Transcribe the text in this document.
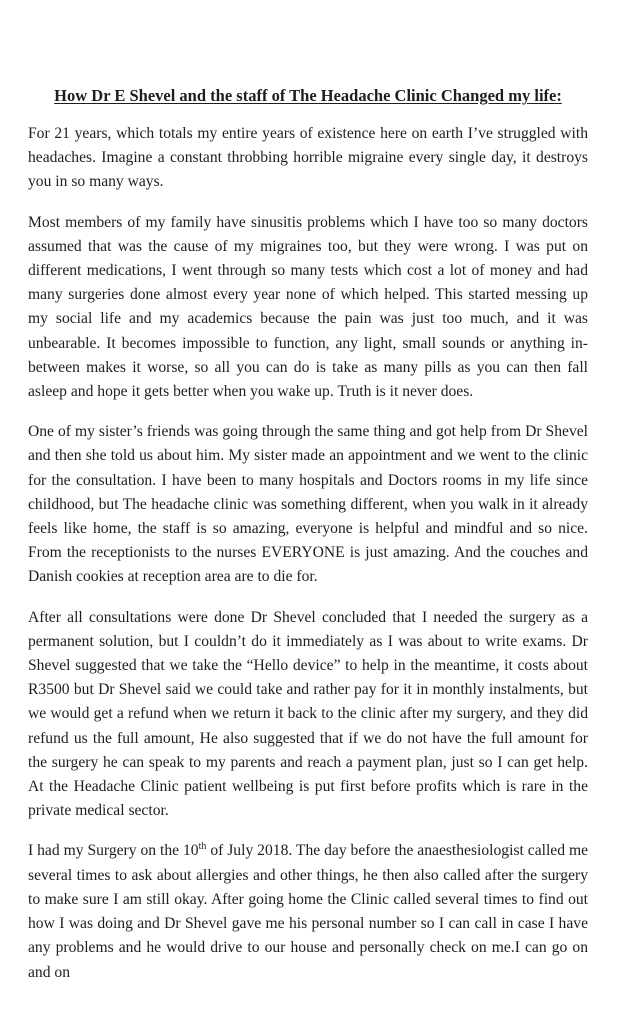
How Dr E Shevel and the staff of The Headache Clinic Changed my life:

For 21 years, which totals my entire years of existence here on earth I’ve struggled with headaches. Imagine a constant throbbing horrible migraine every single day, it destroys you in so many ways.

Most members of my family have sinusitis problems which I have too so many doctors assumed that was the cause of my migraines too, but they were wrong. I was put on different medications, I went through so many tests which cost a lot of money and had many surgeries done almost every year none of which helped. This started messing up my social life and my academics because the pain was just too much, and it was unbearable. It becomes impossible to function, any light, small sounds or anything in-between makes it worse, so all you can do is take as many pills as you can then fall asleep and hope it gets better when you wake up. Truth is it never does.

One of my sister’s friends was going through the same thing and got help from Dr Shevel and then she told us about him. My sister made an appointment and we went to the clinic for the consultation. I have been to many hospitals and Doctors rooms in my life since childhood, but The headache clinic was something different, when you walk in it already feels like home, the staff is so amazing, everyone is helpful and mindful and so nice. From the receptionists to the nurses EVERYONE is just amazing. And the couches and Danish cookies at reception area are to die for.

After all consultations were done Dr Shevel concluded that I needed the surgery as a permanent solution, but I couldn’t do it immediately as I was about to write exams. Dr Shevel suggested that we take the “Hello device” to help in the meantime, it costs about R3500 but Dr Shevel said we could take and rather pay for it in monthly instalments, but we would get a refund when we return it back to the clinic after my surgery, and they did refund us the full amount, He also suggested that if we do not have the full amount for the surgery he can speak to my parents and reach a payment plan, just so I can get help. At the Headache Clinic patient wellbeing is put first before profits which is rare in the private medical sector.

I had my Surgery on the 10th of July 2018. The day before the anaesthesiologist called me several times to ask about allergies and other things, he then also called after the surgery to make sure I am still okay. After going home the Clinic called several times to find out how I was doing and Dr Shevel gave me his personal number so I can call in case I have any problems and he would drive to our house and personally check on me.I can go on and on
